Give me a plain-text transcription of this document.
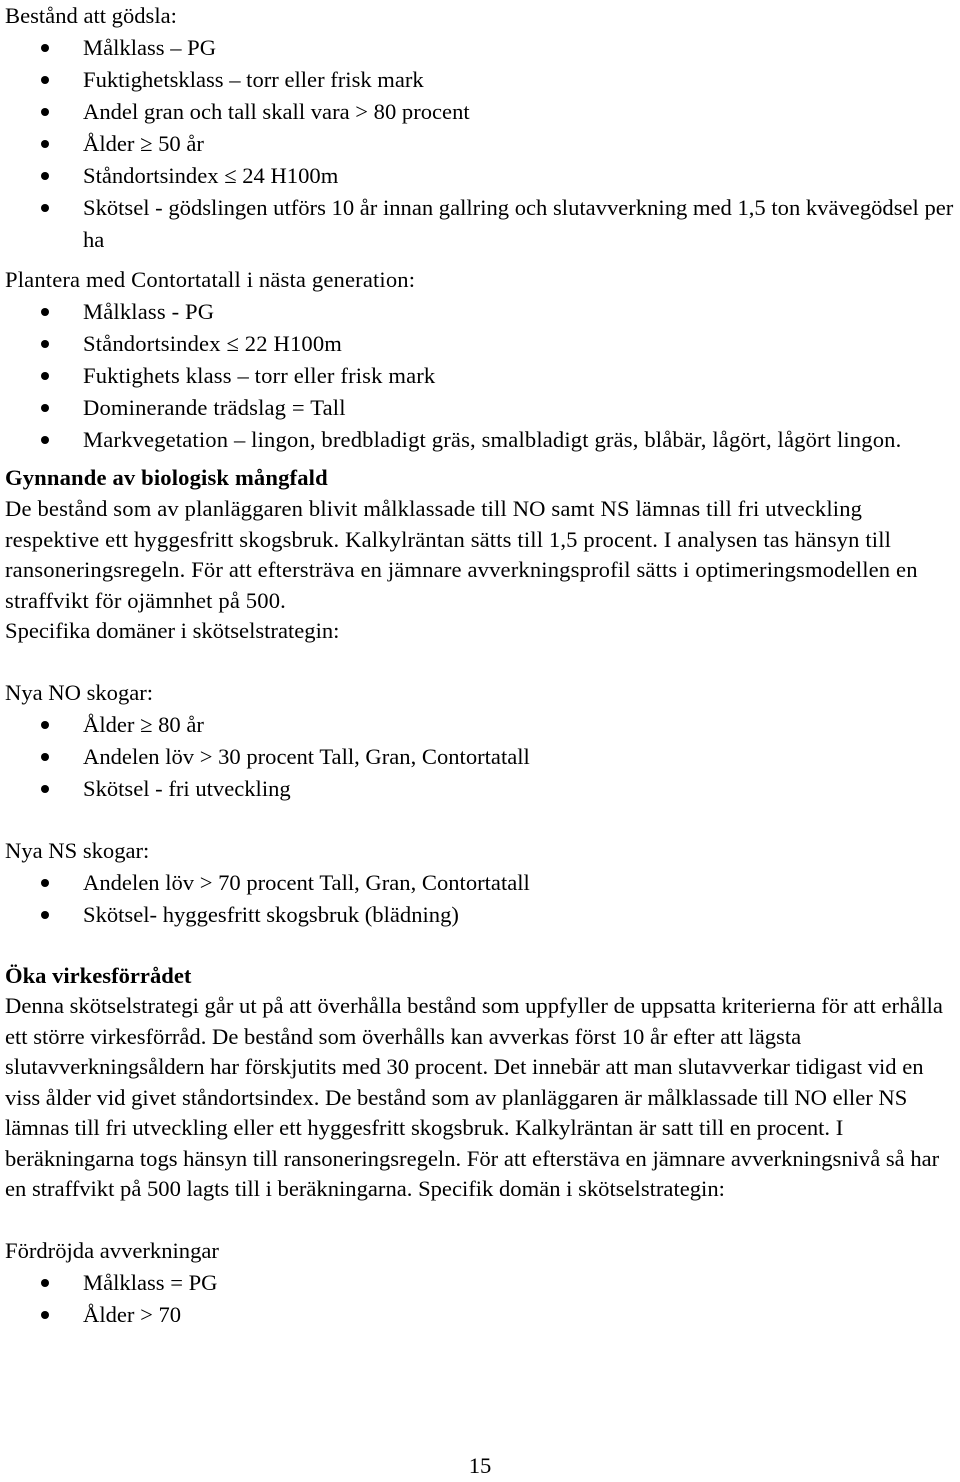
Bestånd att gödsla:

Målklass – PG
Fuktighetsklass – torr eller frisk mark
Andel gran och tall skall vara > 80 procent
Ålder ≥ 50 år
Ståndortsindex ≤ 24 H100m
Skötsel - gödslingen utförs 10 år innan gallring och slutavverkning med 1,5 ton kvävegödsel per ha

Plantera med Contortatall i nästa generation:

Målklass - PG
Ståndortsindex ≤ 22 H100m
Fuktighets klass – torr eller frisk mark
Dominerande trädslag = Tall
Markvegetation – lingon, bredbladigt gräs, smalbladigt gräs, blåbär, lågört, lågört lingon.

Gynnande av biologisk mångfald

De bestånd som av planläggaren blivit målklassade till NO samt NS lämnas till fri utveckling respektive ett hyggesfritt skogsbruk. Kalkylräntan sätts till 1,5 procent. I analysen tas hänsyn till ransoneringsregeln. För att eftersträva en jämnare avverkningsprofil sätts i optimeringsmodellen en straffvikt för ojämnhet på 500.

Specifika domäner i skötselstrategin:

Nya NO skogar:

Ålder ≥ 80 år
Andelen löv > 30 procent Tall, Gran, Contortatall
Skötsel - fri utveckling

Nya NS skogar:

Andelen löv > 70 procent Tall, Gran, Contortatall
Skötsel- hyggesfritt skogsbruk (blädning)

Öka virkesförrådet

Denna skötselstrategi går ut på att överhålla bestånd som uppfyller de uppsatta kriterierna för att erhålla ett större virkesförråd. De bestånd som överhålls kan avverkas först 10 år efter att lägsta slutavverkningsåldern har förskjutits med 30 procent. Det innebär att man slutavverkar tidigast vid en viss ålder vid givet ståndortsindex. De bestånd som av planläggaren är målklassade till NO eller NS lämnas till fri utveckling eller ett hyggesfritt skogsbruk. Kalkylräntan är satt till en procent. I beräkningarna togs hänsyn till ransoneringsregeln. För att efterstäva en jämnare avverkningsnivå så har en straffvikt på 500 lagts till i beräkningarna. Specifik domän i skötselstrategin:

Fördröjda avverkningar

Målklass = PG
Ålder > 70
15
